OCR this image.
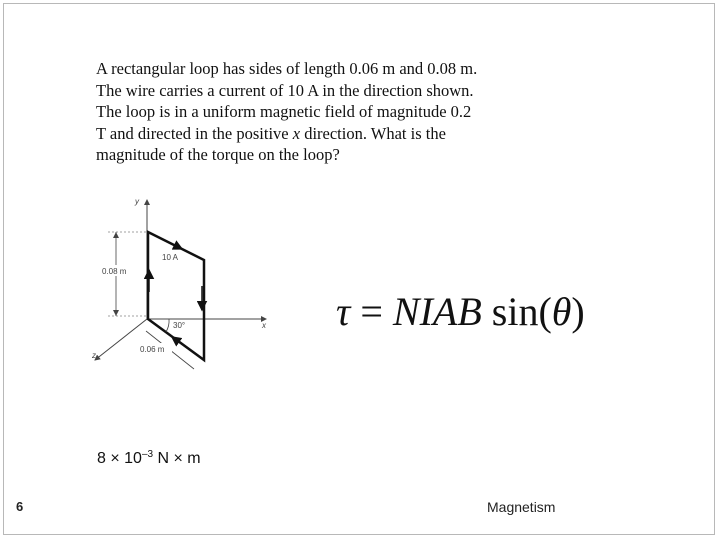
A rectangular loop has sides of length 0.06 m and 0.08 m.
The wire carries a current of 10 A in the direction shown.
The loop is in a uniform magnetic field of magnitude 0.2
T and directed in the positive x direction. What is the
magnitude of the torque on the loop?
y
x
z
0.08 m
10 A
30°
0.06 m
τ = NIAB sin(θ)
$8 \times 10^{-3}$ N × m
6	Magnetism
